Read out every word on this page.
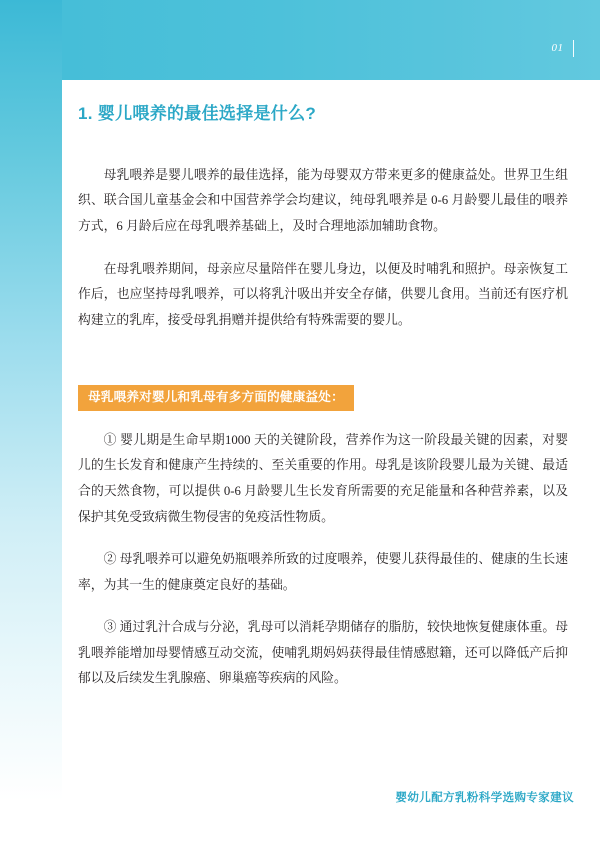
01
1. 婴儿喂养的最佳选择是什么?

母乳喂养是婴儿喂养的最佳选择，能为母婴双方带来更多的健康益处。世界卫生组织、联合国儿童基金会和中国营养学会均建议，纯母乳喂养是 0-6 月龄婴儿最佳的喂养方式，6 月龄后应在母乳喂养基础上，及时合理地添加辅助食物。

在母乳喂养期间，母亲应尽量陪伴在婴儿身边，以便及时哺乳和照护。母亲恢复工作后，也应坚持母乳喂养，可以将乳汁吸出并安全存储，供婴儿食用。当前还有医疗机构建立的乳库，接受母乳捐赠并提供给有特殊需要的婴儿。

母乳喂养对婴儿和乳母有多方面的健康益处：

① 婴儿期是生命早期1000 天的关键阶段，营养作为这一阶段最关键的因素，对婴儿的生长发育和健康产生持续的、至关重要的作用。母乳是该阶段婴儿最为关键、最适合的天然食物，可以提供 0-6 月龄婴儿生长发育所需要的充足能量和各种营养素，以及保护其免受致病微生物侵害的免疫活性物质。

② 母乳喂养可以避免奶瓶喂养所致的过度喂养，使婴儿获得最佳的、健康的生长速率，为其一生的健康奠定良好的基础。

③ 通过乳汁合成与分泌，乳母可以消耗孕期储存的脂肪，较快地恢复健康体重。母乳喂养能增加母婴情感互动交流，使哺乳期妈妈获得最佳情感慰籍，还可以降低产后抑郁以及后续发生乳腺癌、卵巢癌等疾病的风险。

婴幼儿配方乳粉科学选购专家建议
